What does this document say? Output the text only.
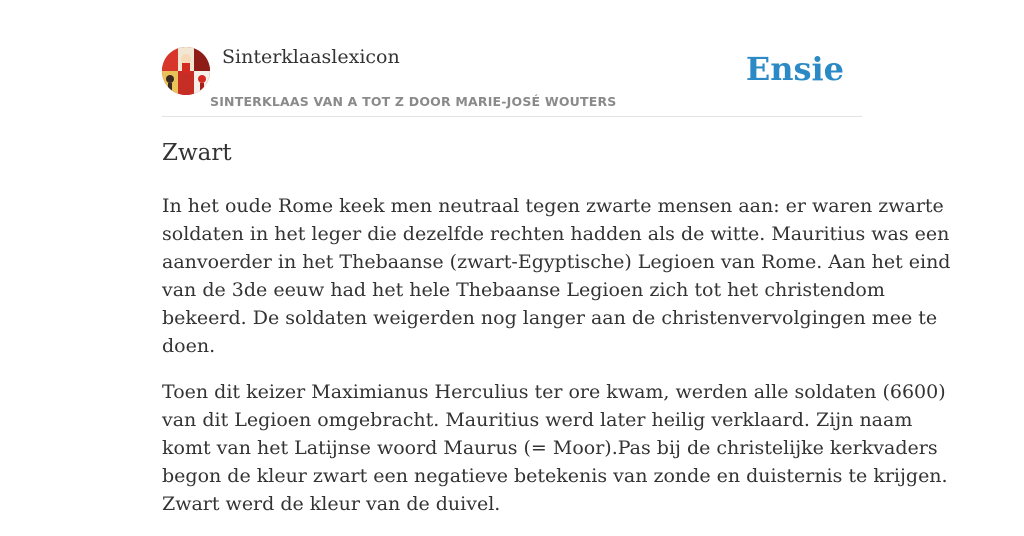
Sinterklaaslexicon
SINTERKLAAS VAN A TOT Z DOOR MARIE-JOSÉ WOUTERS
Ensie
Zwart

In het oude Rome keek men neutraal tegen zwarte mensen aan: er waren zwarte
soldaten in het leger die dezelfde rechten hadden als de witte. Mauritius was een
aanvoerder in het Thebaanse (zwart-Egyptische) Legioen van Rome. Aan het eind
van de 3de eeuw had het hele Thebaanse Legioen zich tot het christendom
bekeerd. De soldaten weigerden nog langer aan de christenvervolgingen mee te
doen.

Toen dit keizer Maximianus Herculius ter ore kwam, werden alle soldaten (6600)
van dit Legioen omgebracht. Mauritius werd later heilig verklaard. Zijn naam
komt van het Latijnse woord Maurus (= Moor).Pas bij de christelijke kerkvaders
begon de kleur zwart een negatieve betekenis van zonde en duisternis te krijgen.
Zwart werd de kleur van de duivel.
